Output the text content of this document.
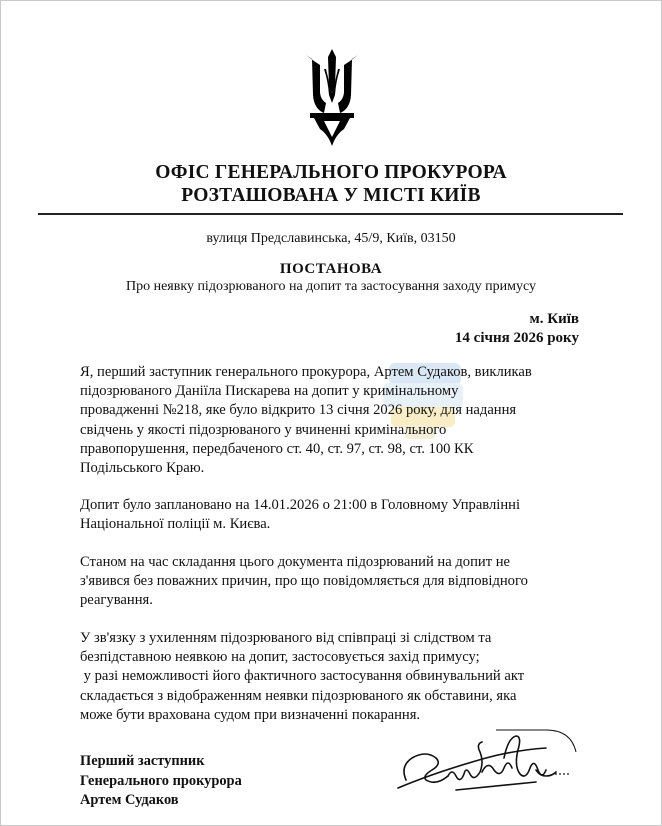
ОФІС ГЕНЕРАЛЬНОГО ПРОКУРОРА
РОЗТАШОВАНА У МІСТІ КИЇВ
вулиця Предславинська, 45/9, Київ, 03150
ПОСТАНОВА
Про неявку підозрюваного на допит та застосування заходу примусу
м. Київ
14 січня 2026 року
Я, перший заступник генерального прокурора, Артем Судаков, викликав
підозрюваного Даніїла Пискарева на допит у кримінальному
провадженні №218, яке було відкрито 13 січня 2026 року, для надання
свідчень у якості підозрюваного у вчиненні кримінального
правопорушення, передбаченого ст. 40, ст. 97, ст. 98, ст. 100 КК
Подільського Краю.
Допит було заплановано на 14.01.2026 о 21:00 в Головному Управлінні
Національної поліції м. Києва.
Станом на час складання цього документа підозрюваний на допит не
з'явився без поважних причин, про що повідомляється для відповідного
реагування.
У зв'язку з ухиленням підозрюваного від співпраці зі слідством та
безпідставною неявкою на допит, застосовується захід примусу;
у разі неможливості його фактичного застосування обвинувальний акт
складається з відображенням неявки підозрюваного як обставини, яка
може бути врахована судом при визначенні покарання.
Перший заступник
Генерального прокурора
Артем Судаков
